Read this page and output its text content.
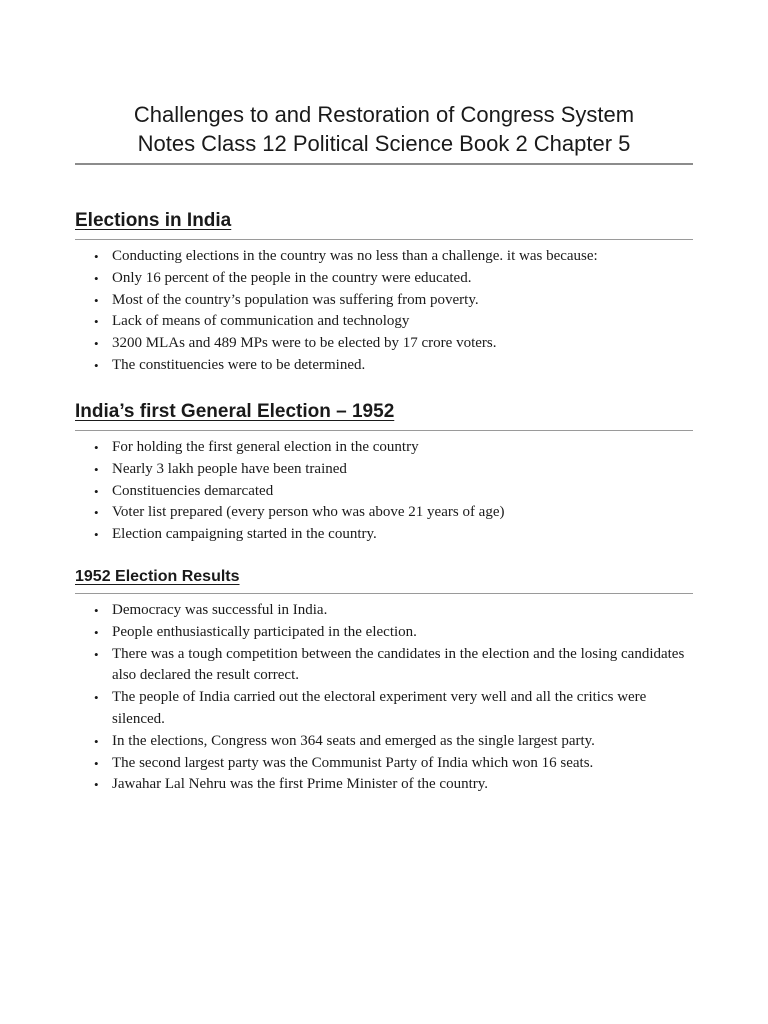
Challenges to and Restoration of Congress System
Notes Class 12 Political Science Book 2 Chapter 5
Elections in India
• Conducting elections in the country was no less than a challenge. it was because:
• Only 16 percent of the people in the country were educated.
• Most of the country’s population was suffering from poverty.
• Lack of means of communication and technology
• 3200 MLAs and 489 MPs were to be elected by 17 crore voters.
• The constituencies were to be determined.
India’s first General Election – 1952
• For holding the first general election in the country
• Nearly 3 lakh people have been trained
• Constituencies demarcated
• Voter list prepared (every person who was above 21 years of age)
• Election campaigning started in the country.
1952 Election Results
• Democracy was successful in India.
• People enthusiastically participated in the election.
• There was a tough competition between the candidates in the election and the losing candidates also declared the result correct.
• The people of India carried out the electoral experiment very well and all the critics were silenced.
• In the elections, Congress won 364 seats and emerged as the single largest party.
• The second largest party was the Communist Party of India which won 16 seats.
• Jawahar Lal Nehru was the first Prime Minister of the country.
